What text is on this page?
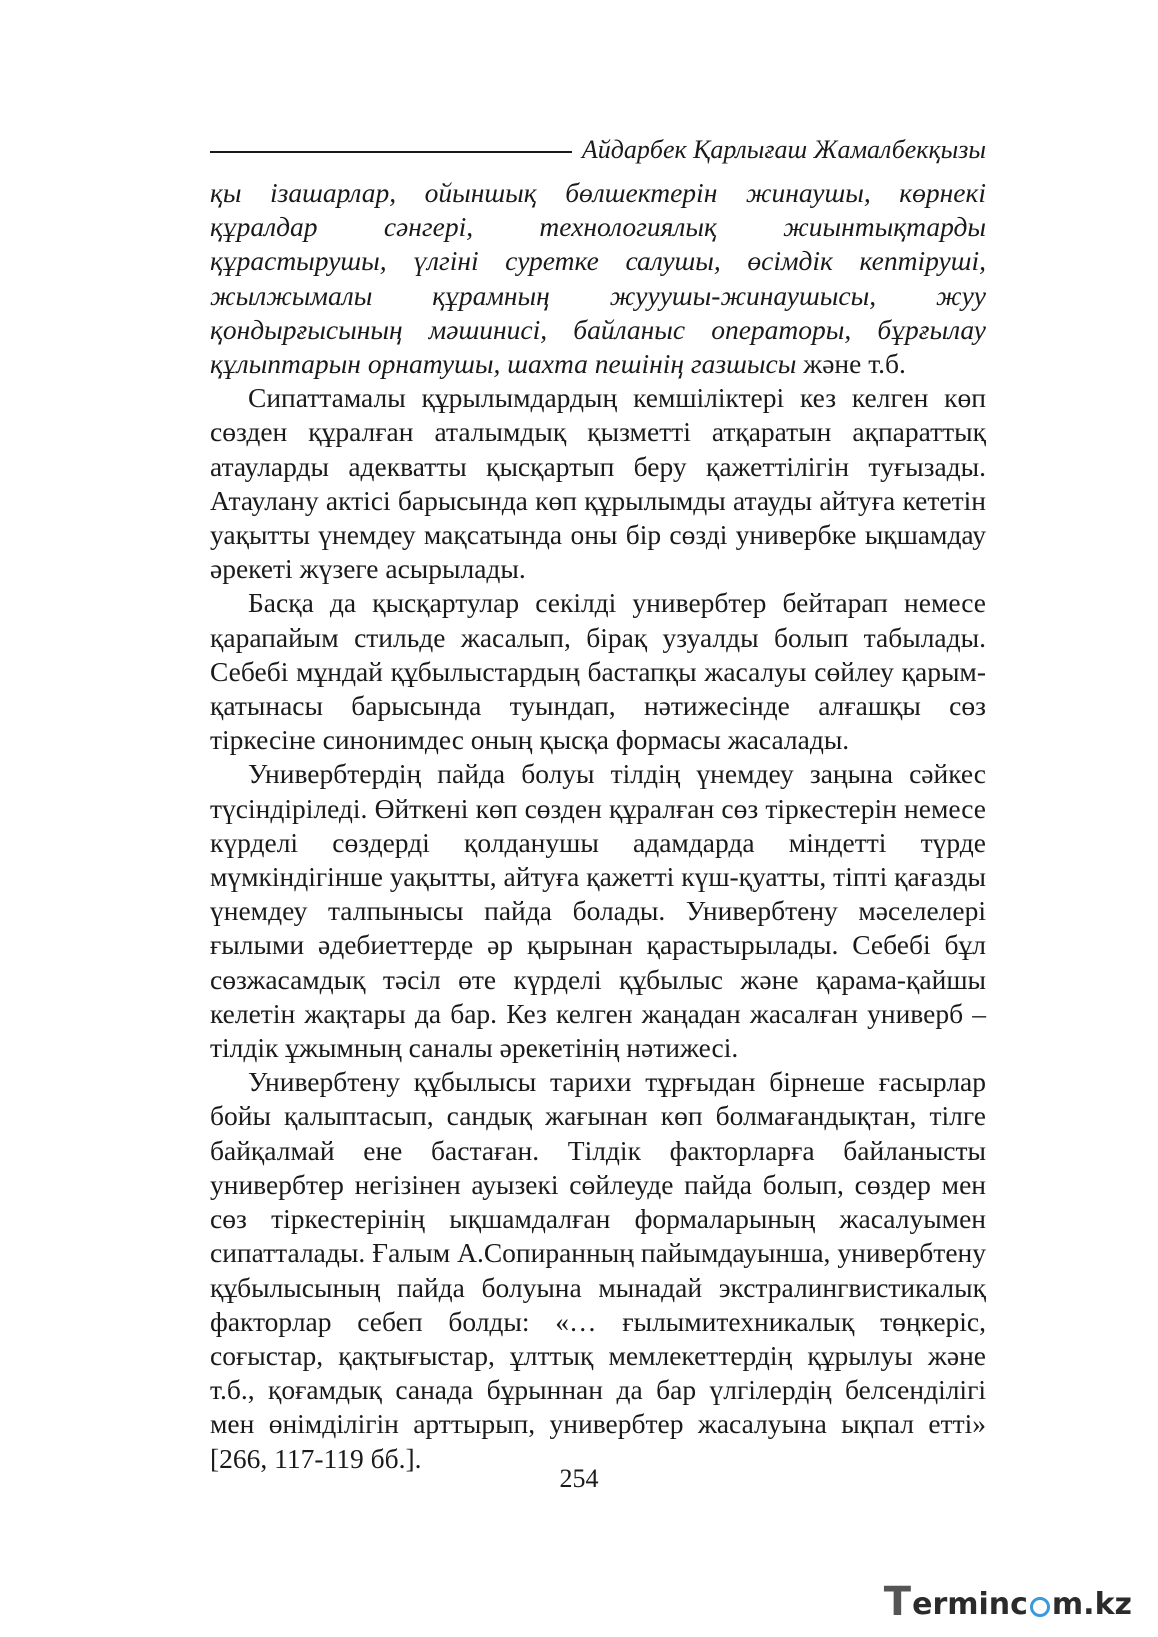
Айдарбек Қарлығаш Жамалбекқызы

қы ізашарлар, ойыншық бөлшектерін жинаушы, көрнекі құралдар сәнгері, технологиялық жиынтықтарды құрастырушы, үлгіні суретке салушы, өсімдік кептіруші, жылжымалы құрамның жууушы-жинаушысы, жуу қондырғысының мәшинисі, байланыс операторы, бұрғылау құлыптарын орнатушы, шахта пешінің газшысы және т.б.

Сипаттамалы құрылымдардың кемшіліктері кез келген көп сөзден құралған аталымдық қызметті атқаратын ақпараттық атауларды адекватты қысқартып беру қажеттілігін туғызады. Атаулану актісі барысында көп құрылымды атауды айтуға кететін уақытты үнемдеу мақсатында оны бір сөзді универбке ықшамдау әрекеті жүзеге асырылады.

Басқа да қысқартулар секілді универбтер бейтарап немесе қарапайым стильде жасалып, бірақ узуалды болып табылады. Себебі мұндай құбылыстардың бастапқы жасалуы сөйлеу қарым-қатынасы барысында туындап, нәтижесінде алғашқы сөз тіркесіне синонимдес оның қысқа формасы жасалады.

Универбтердің пайда болуы тілдің үнемдеу заңына сәйкес түсіндіріледі. Өйткені көп сөзден құралған сөз тіркестерін немесе күрделі сөздерді қолданушы адамдарда міндетті түрде мүмкіндігінше уақытты, айтуға қажетті күш-қуатты, тіпті қағазды үнемдеу талпынысы пайда болады. Универбтену мәселелері ғылыми әдебиеттерде әр қырынан қарастырылады. Себебі бұл сөзжасамдық тәсіл өте күрделі құбылыс және қарама-қайшы келетін жақтары да бар. Кез келген жаңадан жасалған универб – тілдік ұжымның саналы әрекетінің нәтижесі.

Универбтену құбылысы тарихи тұрғыдан бірнеше ғасырлар бойы қалыптасып, сандық жағынан көп болмағандықтан, тілге байқалмай ене бастаған. Тілдік факторларға байланысты универбтер негізінен ауызекі сөйлеуде пайда болып, сөздер мен сөз тіркестерінің ықшамдалған формаларының жасалуымен сипатталады. Ғалым А.Сопиранның пайымдауынша, универбтену құбылысының пайда болуына мынадай экстралингвистикалық факторлар себеп болды: «… ғылымитехникалық төңкеріс, соғыстар, қақтығыстар, ұлттық мемлекеттердің құрылуы және т.б., қоғамдық санада бұрыннан да бар үлгілердің белсенділігі мен өнімділігін арттырып, универбтер жасалуына ықпал етті» [266, 117-119 бб.].

254
T erminc m.kz
